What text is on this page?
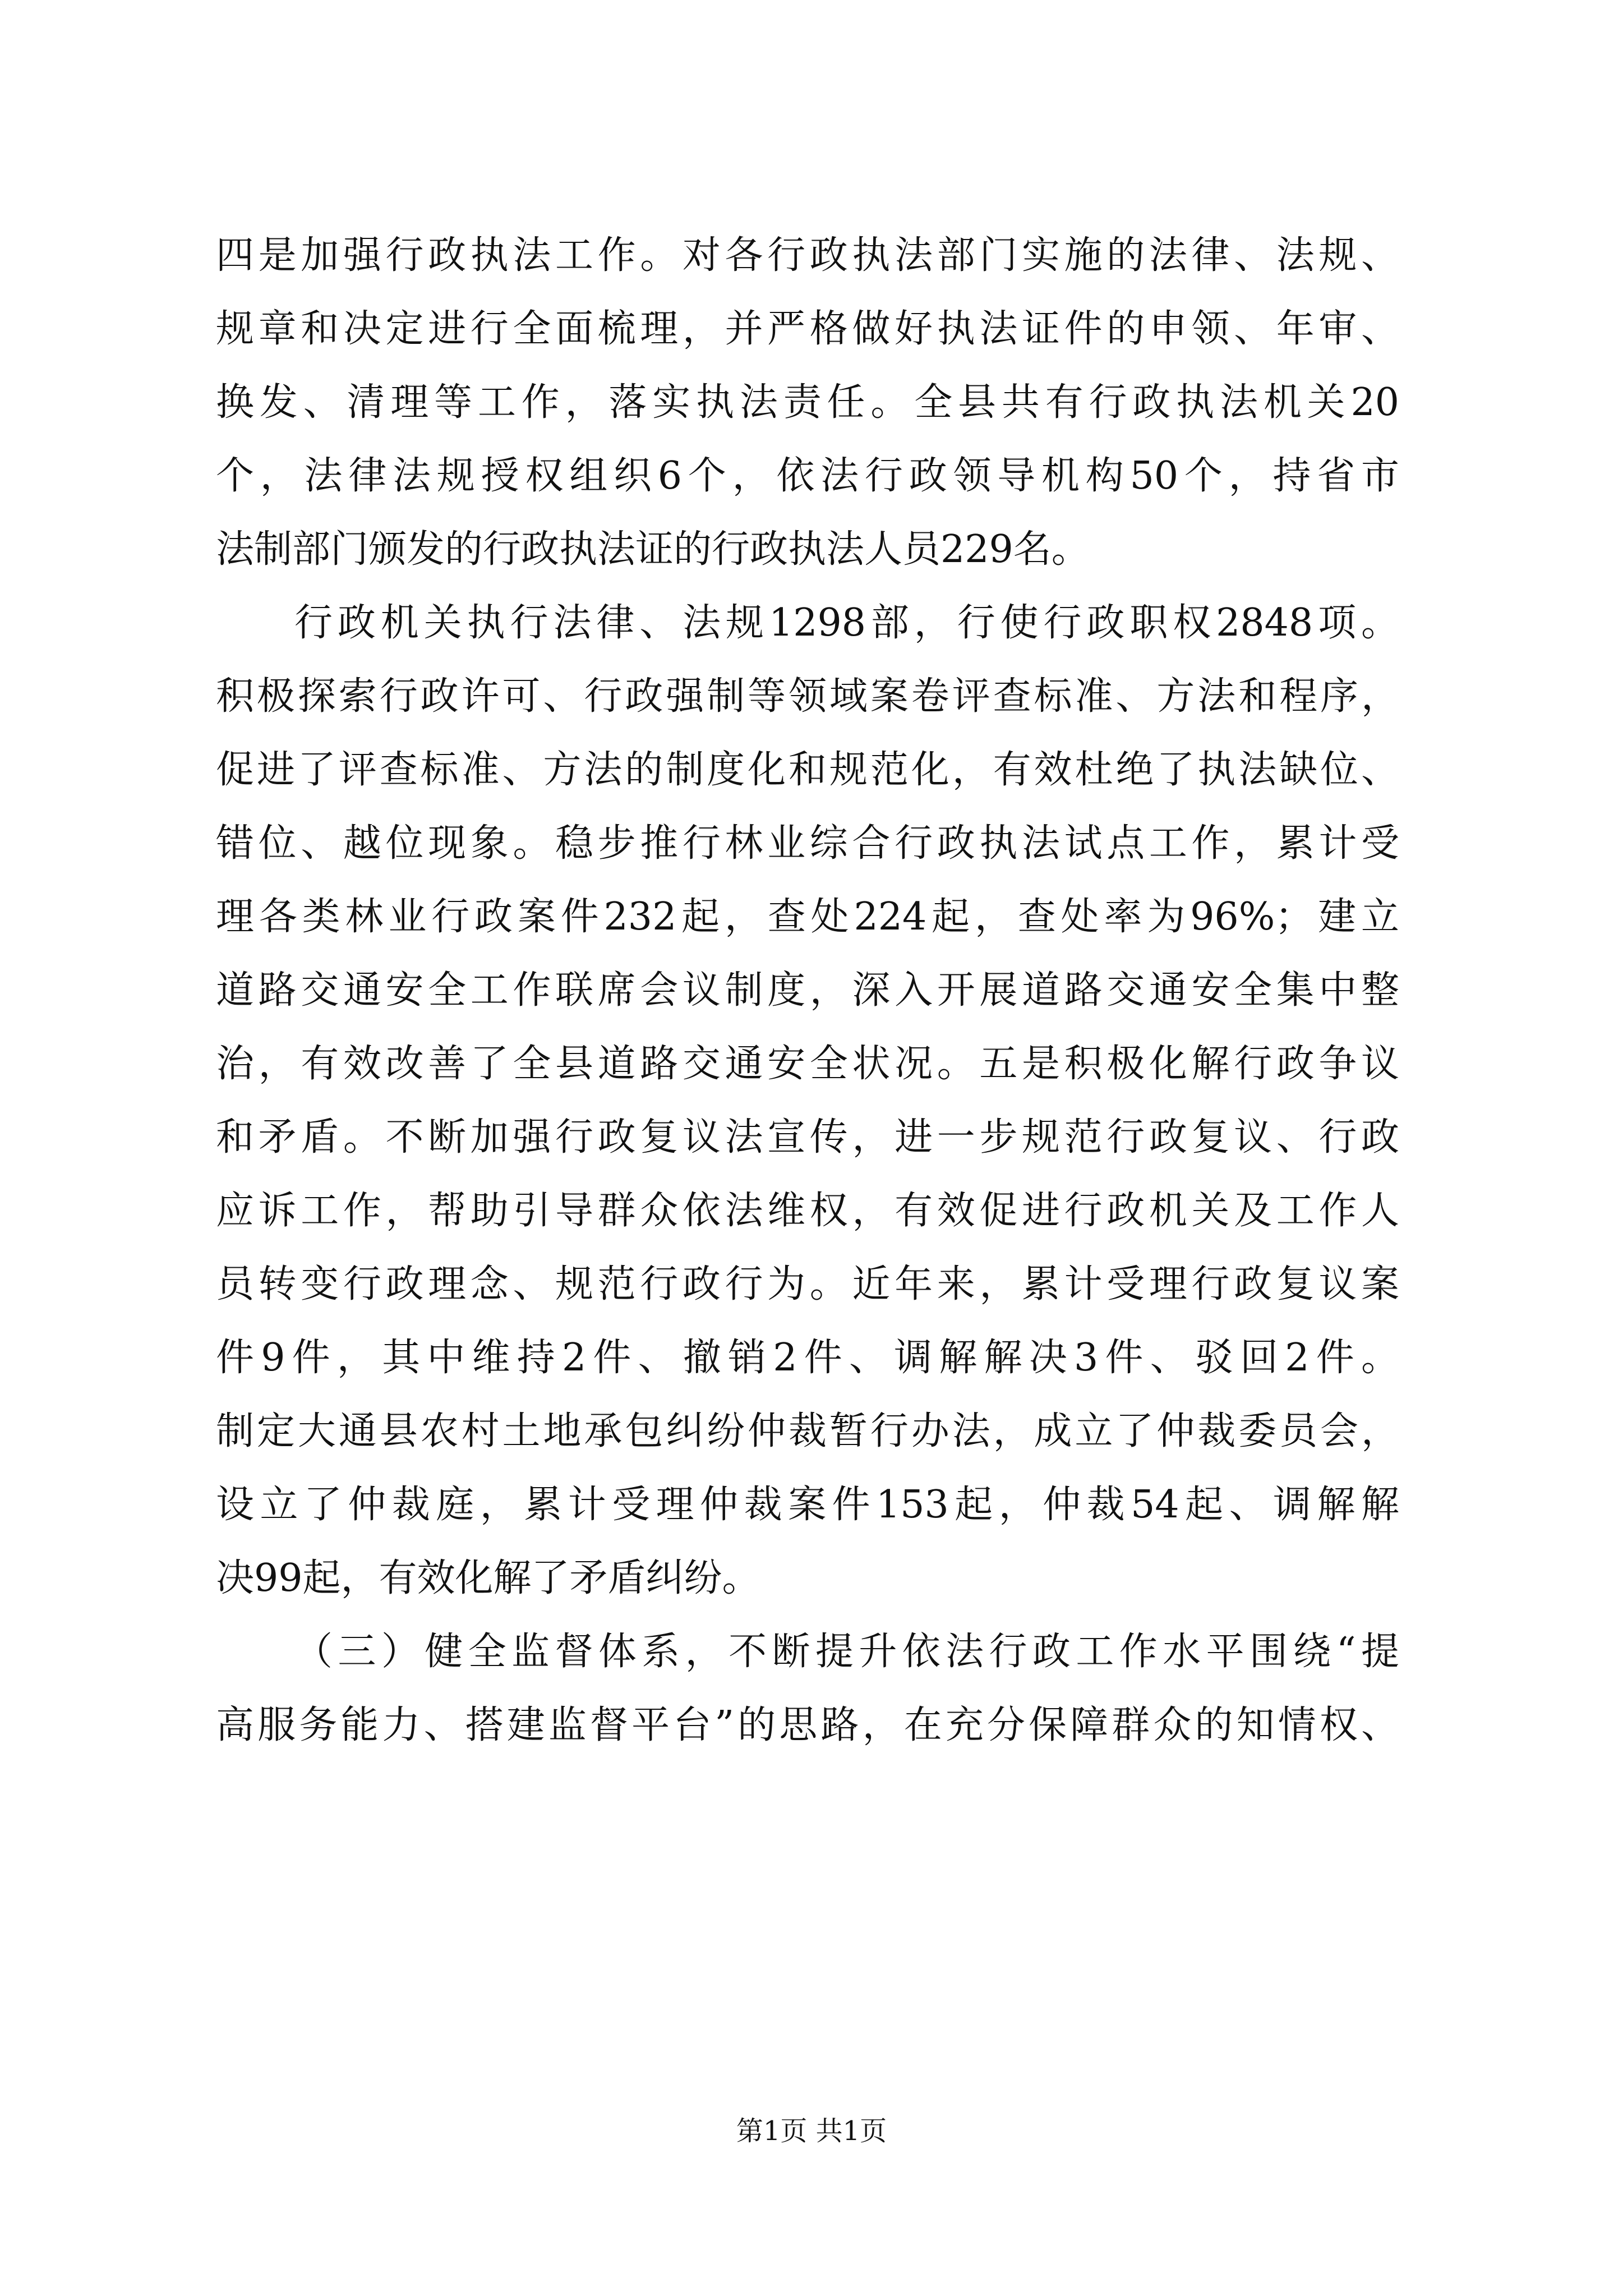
四是加强行政执法工作。对各行政执法部门实施的法律、法规、
规章和决定进行全面梳理，并严格做好执法证件的申领、年审、
换发、清理等工作，落实执法责任。全县共有行政执法机关20
个，法律法规授权组织6个，依法行政领导机构50个，持省市
法制部门颁发的行政执法证的行政执法人员229名。
行政机关执行法律、法规1298部，行使行政职权2848项。
积极探索行政许可、行政强制等领域案卷评查标准、方法和程序，
促进了评查标准、方法的制度化和规范化，有效杜绝了执法缺位、
错位、越位现象。稳步推行林业综合行政执法试点工作，累计受
理各类林业行政案件232起，查处224起，查处率为96%；建立
道路交通安全工作联席会议制度，深入开展道路交通安全集中整
治，有效改善了全县道路交通安全状况。五是积极化解行政争议
和矛盾。不断加强行政复议法宣传，进一步规范行政复议、行政
应诉工作，帮助引导群众依法维权，有效促进行政机关及工作人
员转变行政理念、规范行政行为。近年来，累计受理行政复议案
件9件，其中维持2件、撤销2件、调解解决3件、驳回2件。
制定大通县农村土地承包纠纷仲裁暂行办法，成立了仲裁委员会，
设立了仲裁庭，累计受理仲裁案件153起，仲裁54起、调解解
决99起，有效化解了矛盾纠纷。
（三）健全监督体系，不断提升依法行政工作水平围绕“提
高服务能力、搭建监督平台”的思路，在充分保障群众的知情权、
第1页 共1页
